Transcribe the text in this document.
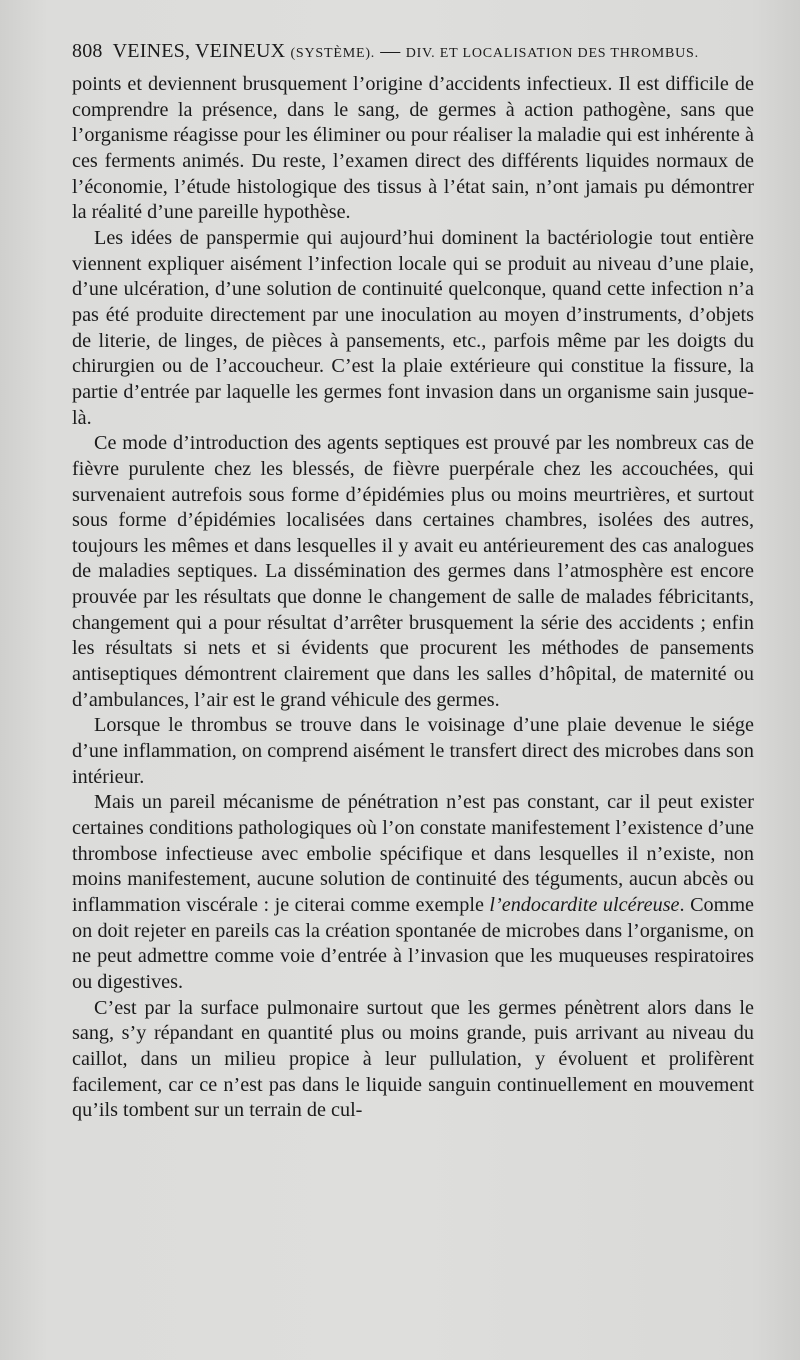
808 VEINES, VEINEUX (SYSTÈME). — DIV. ET LOCALISATION DES THROMBUS.

points et deviennent brusquement l’origine d’accidents infectieux. Il est difficile de comprendre la présence, dans le sang, de germes à action pathogène, sans que l’organisme réagisse pour les éliminer ou pour réaliser la maladie qui est inhérente à ces ferments animés. Du reste, l’examen direct des différents liquides normaux de l’économie, l’étude histologique des tissus à l’état sain, n’ont jamais pu démontrer la réalité d’une pareille hypothèse.

Les idées de panspermie qui aujourd’hui dominent la bactériologie tout entière viennent expliquer aisément l’infection locale qui se produit au niveau d’une plaie, d’une ulcération, d’une solution de continuité quelconque, quand cette infection n’a pas été produite directement par une inoculation au moyen d’instruments, d’objets de literie, de linges, de pièces à pansements, etc., parfois même par les doigts du chirurgien ou de l’accoucheur. C’est la plaie extérieure qui constitue la fissure, la partie d’entrée par laquelle les germes font invasion dans un organisme sain jusque-là.

Ce mode d’introduction des agents septiques est prouvé par les nombreux cas de fièvre purulente chez les blessés, de fièvre puerpérale chez les accouchées, qui survenaient autrefois sous forme d’épidémies plus ou moins meurtrières, et surtout sous forme d’épidémies localisées dans certaines chambres, isolées des autres, toujours les mêmes et dans lesquelles il y avait eu antérieurement des cas analogues de maladies septiques. La dissémination des germes dans l’atmosphère est encore prouvée par les résultats que donne le changement de salle de malades fébricitants, changement qui a pour résultat d’arrêter brusquement la série des accidents ; enfin les résultats si nets et si évidents que procurent les méthodes de pansements antiseptiques démontrent clairement que dans les salles d’hôpital, de maternité ou d’ambulances, l’air est le grand véhicule des germes.

Lorsque le thrombus se trouve dans le voisinage d’une plaie devenue le siége d’une inflammation, on comprend aisément le transfert direct des microbes dans son intérieur.

Mais un pareil mécanisme de pénétration n’est pas constant, car il peut exister certaines conditions pathologiques où l’on constate manifestement l’existence d’une thrombose infectieuse avec embolie spécifique et dans lesquelles il n’existe, non moins manifestement, aucune solution de continuité des téguments, aucun abcès ou inflammation viscérale : je citerai comme exemple l’endocardite ulcéreuse. Comme on doit rejeter en pareils cas la création spontanée de microbes dans l’organisme, on ne peut admettre comme voie d’entrée à l’invasion que les muqueuses respiratoires ou digestives.

C’est par la surface pulmonaire surtout que les germes pénètrent alors dans le sang, s’y répandant en quantité plus ou moins grande, puis arrivant au niveau du caillot, dans un milieu propice à leur pullulation, y évoluent et prolifèrent facilement, car ce n’est pas dans le liquide sanguin continuellement en mouvement qu’ils tombent sur un terrain de cul-
